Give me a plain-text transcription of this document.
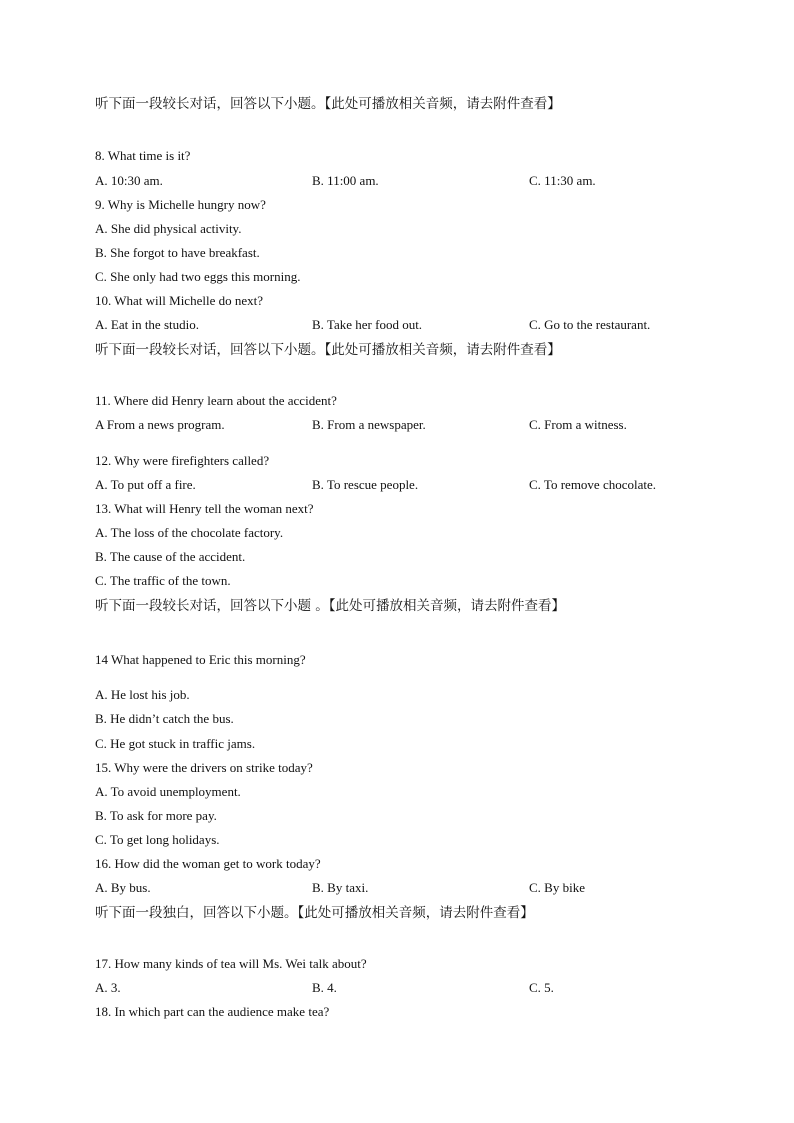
听下面一段较长对话，回答以下小题。【此处可播放相关音频，请去附件查看】
8. What time is it?
A. 10:30 am.	B. 11:00 am.	C. 11:30 am.
9. Why is Michelle hungry now?
A. She did physical activity.
B. She forgot to have breakfast.
C. She only had two eggs this morning.
10. What will Michelle do next?
A. Eat in the studio.	B. Take her food out.	C. Go to the restaurant.
听下面一段较长对话，回答以下小题。【此处可播放相关音频，请去附件查看】
11. Where did Henry learn about the accident?
A From a news program.	B. From a newspaper.	C. From a witness.
12. Why were firefighters called?
A. To put off a fire.	B. To rescue people.	C. To remove chocolate.
13. What will Henry tell the woman next?
A. The loss of the chocolate factory.
B. The cause of the accident.
C. The traffic of the town.
听下面一段较长对话，回答以下小题 。【此处可播放相关音频，请去附件查看】
14 What happened to Eric this morning?
A. He lost his job.
B. He didn’t catch the bus.
C. He got stuck in traffic jams.
15. Why were the drivers on strike today?
A. To avoid unemployment.
B. To ask for more pay.
C. To get long holidays.
16. How did the woman get to work today?
A. By bus.	B. By taxi.	C. By bike
听下面一段独白，回答以下小题。【此处可播放相关音频，请去附件查看】
17. How many kinds of tea will Ms. Wei talk about?
A. 3.	B. 4.	C. 5.
18. In which part can the audience make tea?
